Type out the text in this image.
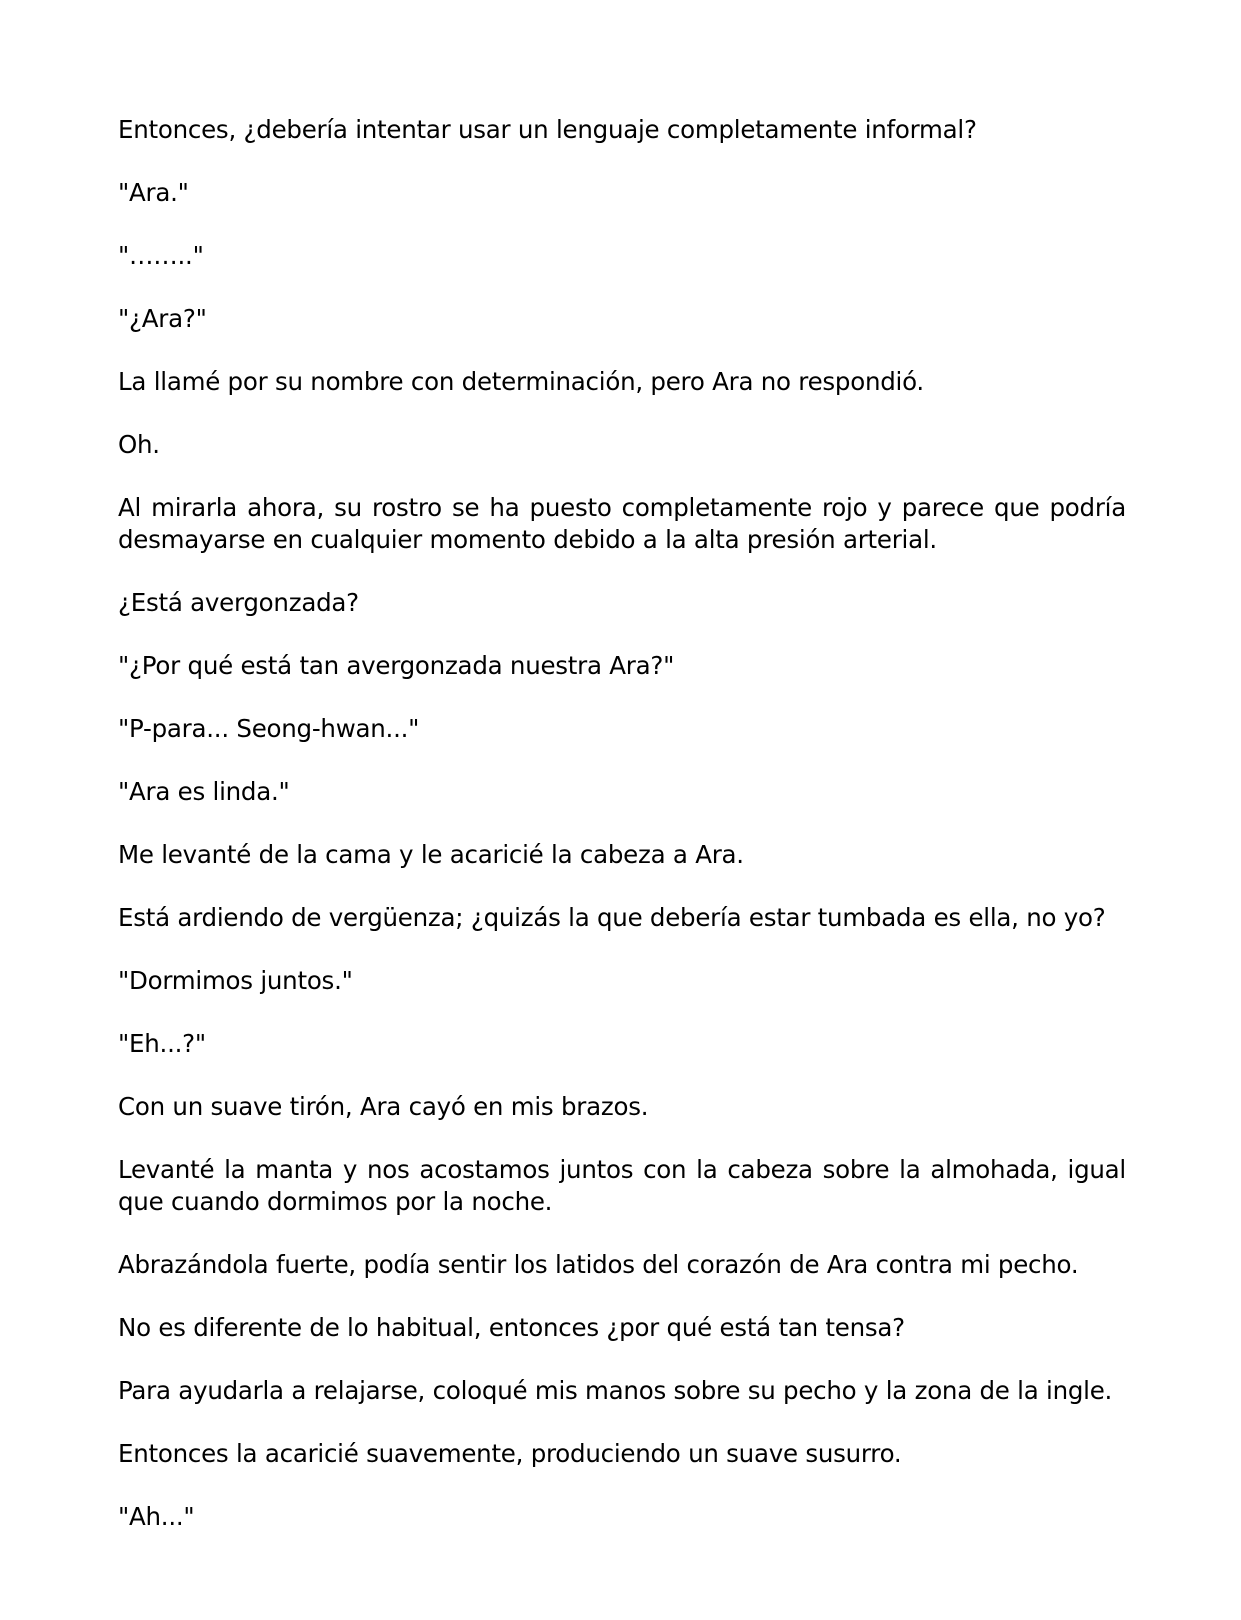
Entonces, ¿debería intentar usar un lenguaje completamente informal?

"Ara."

"…….."

"¿Ara?"

La llamé por su nombre con determinación, pero Ara no respondió.

Oh.

Al mirarla ahora, su rostro se ha puesto completamente rojo y parece que podría desmayarse en cualquier momento debido a la alta presión arterial.

¿Está avergonzada?

"¿Por qué está tan avergonzada nuestra Ara?"

"P-para... Seong-hwan..."

"Ara es linda."

Me levanté de la cama y le acaricié la cabeza a Ara.

Está ardiendo de vergüenza; ¿quizás la que debería estar tumbada es ella, no yo?

"Dormimos juntos."

"Eh...?"

Con un suave tirón, Ara cayó en mis brazos.

Levanté la manta y nos acostamos juntos con la cabeza sobre la almohada, igual que cuando dormimos por la noche.

Abrazándola fuerte, podía sentir los latidos del corazón de Ara contra mi pecho.

No es diferente de lo habitual, entonces ¿por qué está tan tensa?

Para ayudarla a relajarse, coloqué mis manos sobre su pecho y la zona de la ingle.

Entonces la acaricié suavemente, produciendo un suave susurro.

"Ah..."
